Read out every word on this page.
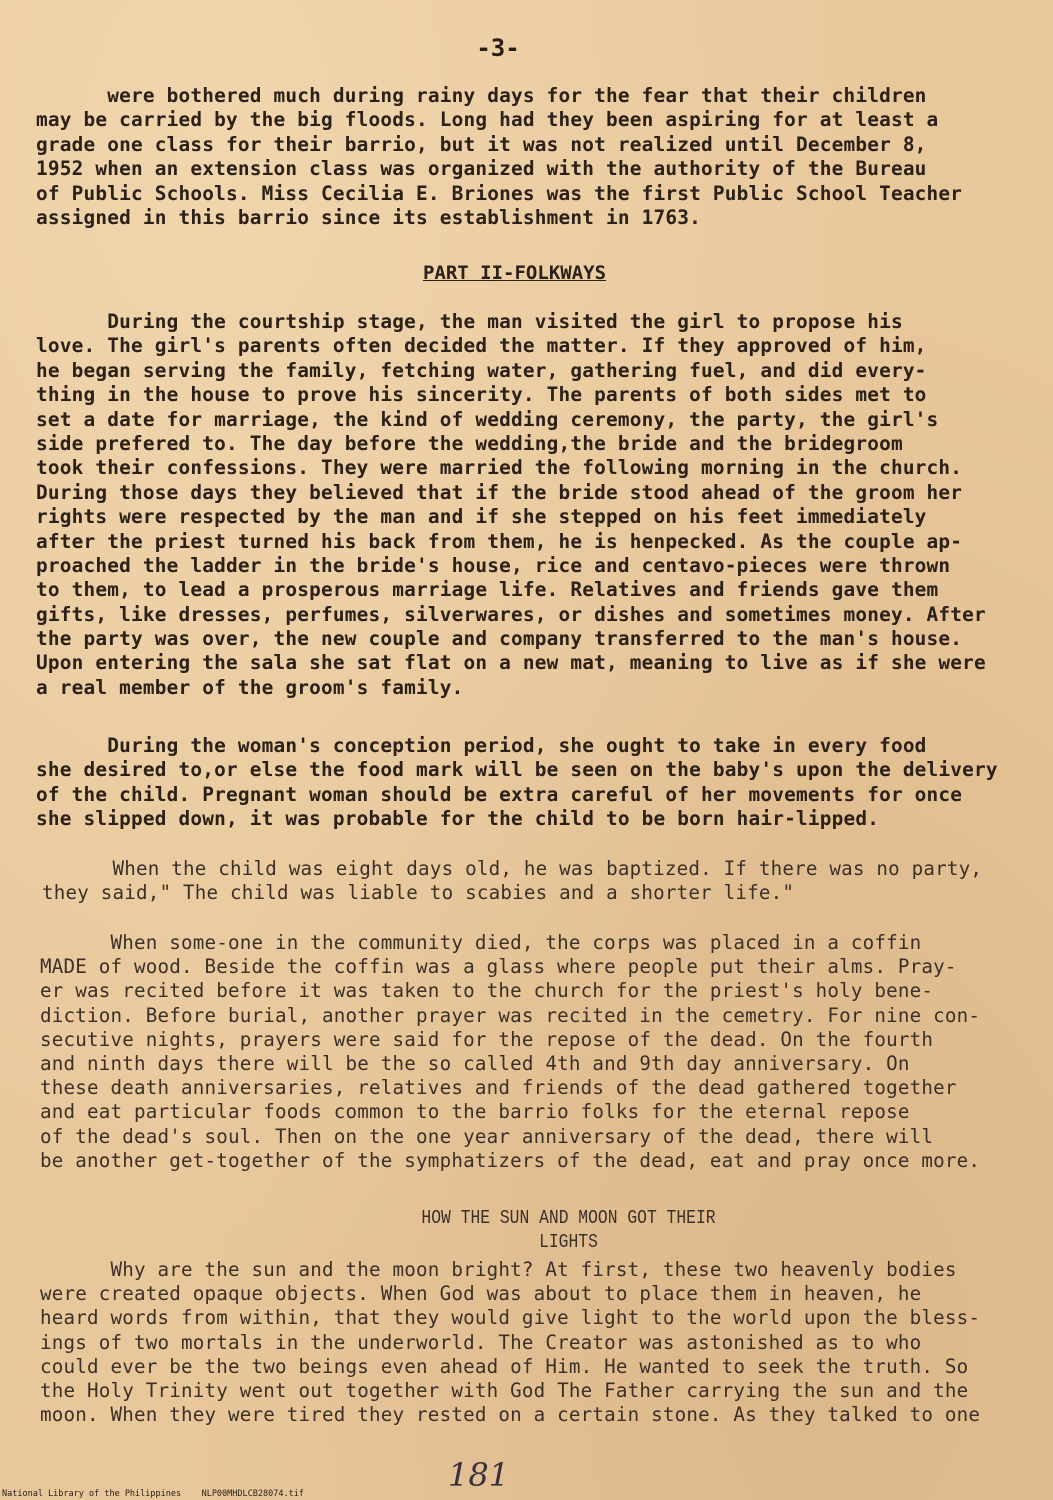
-3-
were bothered much during rainy days for the fear that their children
may be carried by the big floods. Long had they been aspiring for at least a
grade one class for their barrio, but it was not realized until December 8,
1952 when an extension class was organized with the authority of the Bureau
of Public Schools. Miss Cecilia E. Briones was the first Public School Teacher
assigned in this barrio since its establishment in 1763.
PART II-FOLKWAYS
During the courtship stage, the man visited the girl to propose his
love. The girl's parents often decided the matter. If they approved of him,
he began serving the family, fetching water, gathering fuel, and did every-
thing in the house to prove his sincerity. The parents of both sides met to
set a date for marriage, the kind of wedding ceremony, the party, the girl's
side prefered to. The day before the wedding,the bride and the bridegroom
took their confessions. They were married the following morning in the church.
During those days they believed that if the bride stood ahead of the groom her
rights were respected by the man and if she stepped on his feet immediately
after the priest turned his back from them, he is henpecked. As the couple ap-
proached the ladder in the bride's house, rice and centavo-pieces were thrown
to them, to lead a prosperous marriage life. Relatives and friends gave them
gifts, like dresses, perfumes, silverwares, or dishes and sometimes money. After
the party was over, the new couple and company transferred to the man's house.
Upon entering the sala she sat flat on a new mat, meaning to live as if she were
a real member of the groom's family.
During the woman's conception period, she ought to take in every food
she desired to,or else the food mark will be seen on the baby's upon the delivery
of the child. Pregnant woman should be extra careful of her movements for once
she slipped down, it was probable for the child to be born hair-lipped.
When the child was eight days old, he was baptized. If there was no party,
they said," The child was liable to scabies and a shorter life."
When some-one in the community died, the corps was placed in a coffin
MADE of wood. Beside the coffin was a glass where people put their alms. Pray-
er was recited before it was taken to the church for the priest's holy bene-
diction. Before burial, another prayer was recited in the cemetry. For nine con-
secutive nights, prayers were said for the repose of the dead. On the fourth
and ninth days there will be the so called 4th and 9th day anniversary. On
these death anniversaries, relatives and friends of the dead gathered together
and eat particular foods common to the barrio folks for the eternal repose
of the dead's soul. Then on the one year anniversary of the dead, there will
be another get-together of the symphatizers of the dead, eat and pray once more.
HOW THE SUN AND MOON GOT THEIR
LIGHTS
Why are the sun and the moon bright? At first, these two heavenly bodies
were created opaque objects. When God was about to place them in heaven, he
heard words from within, that they would give light to the world upon the bless-
ings of two mortals in the underworld. The Creator was astonished as to who
could ever be the two beings even ahead of Him. He wanted to seek the truth. So
the Holy Trinity went out together with God The Father carrying the sun and the
moon. When they were tired they rested on a certain stone. As they talked to one
181
National Library of the Philippines    NLP00MHDLCB28074.tif
